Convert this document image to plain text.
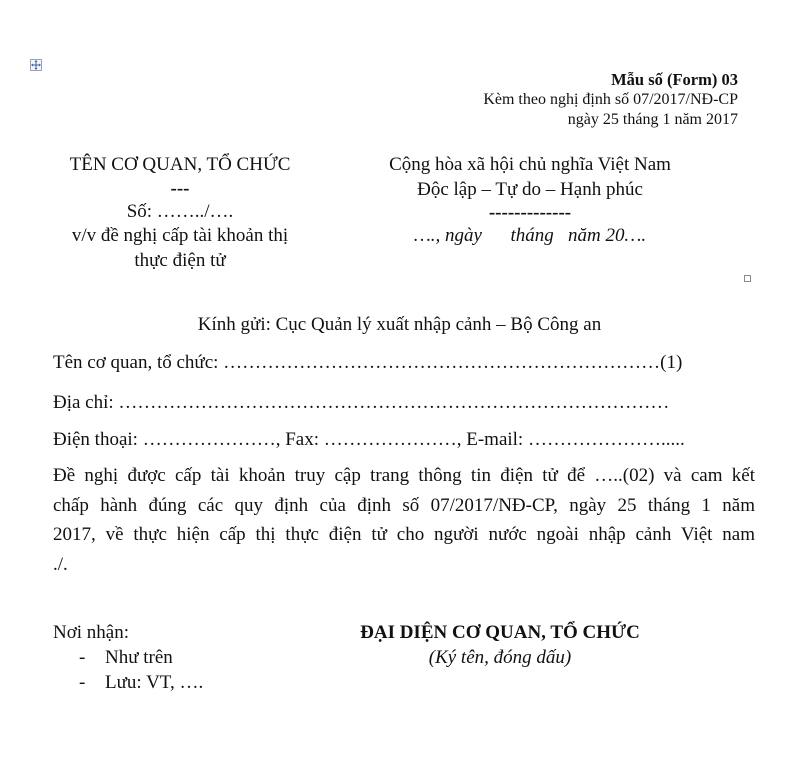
Mẫu số (Form) 03
Kèm theo nghị định số 07/2017/NĐ-CP
ngày 25 tháng 1 năm 2017
TÊN CƠ QUAN, TỔ CHỨC
---
Số: ……../….
v/v đề nghị cấp tài khoản thị
thực điện tử
Cộng hòa xã hội chủ nghĩa Việt Nam
Độc lập – Tự do – Hạnh phúc
-------------
…., ngày      tháng   năm 20….
Kính gửi: Cục Quản lý xuất nhập cảnh – Bộ Công an
Tên cơ quan, tổ chức: ……………………………………………………………(1)
Địa chỉ: ……………………………………………………………………………
Điện thoại: …………………, Fax: …………………, E-mail: ………………….....
Đề nghị được cấp tài khoản truy cập trang thông tin điện tử để …..(02) và cam kết
chấp hành đúng các quy định của định số 07/2017/NĐ-CP, ngày 25 tháng 1 năm
2017, về thực hiện cấp thị thực điện tử cho người nước ngoài nhập cảnh Việt nam
./.
Nơi nhận:
- Như trên
- Lưu: VT, ….
ĐẠI DIỆN CƠ QUAN, TỔ CHỨC
(Ký tên, đóng dấu)
